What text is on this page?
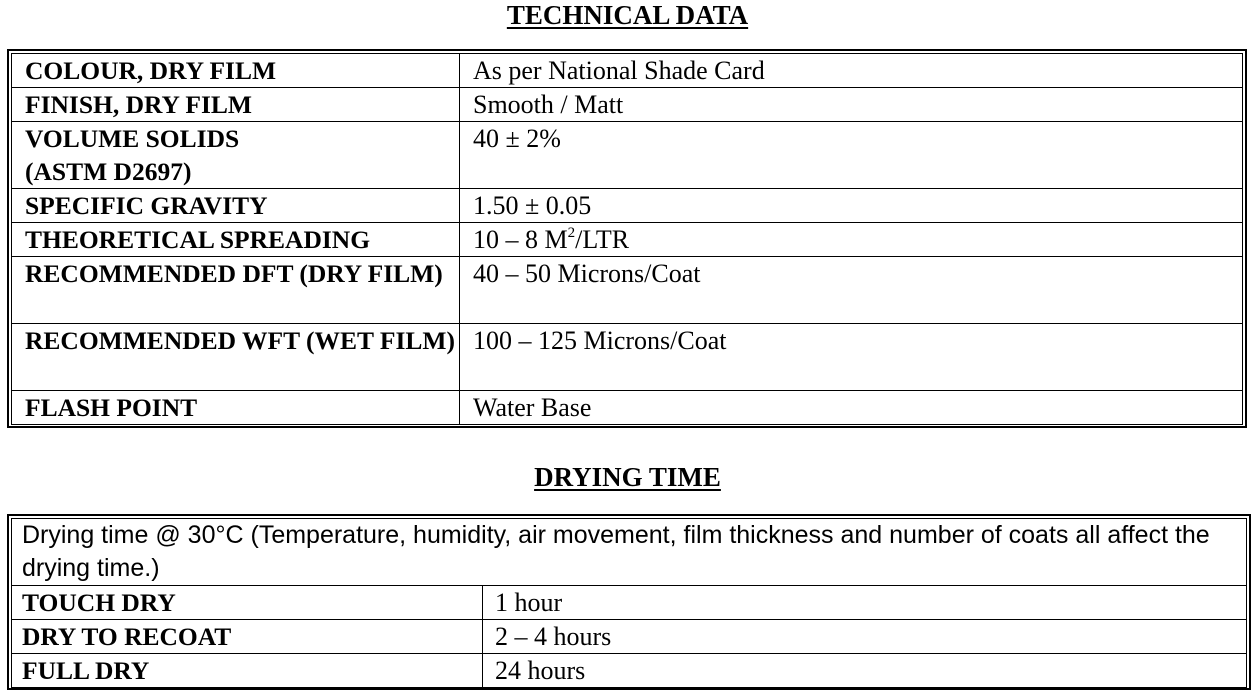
TECHNICAL DATA
COLOUR, DRY FILM	As per National Shade Card
FINISH, DRY FILM	Smooth / Matt
VOLUME SOLIDS (ASTM D2697)	40 ± 2%
SPECIFIC GRAVITY	1.50 ± 0.05
THEORETICAL SPREADING	10 – 8 $M^2$/LTR
RECOMMENDED DFT (DRY FILM)	40 – 50 Microns/Coat
RECOMMENDED WFT (WET FILM)	100 – 125 Microns/Coat
FLASH POINT	Water Base
DRYING TIME
Drying time @ 30°C (Temperature, humidity, air movement, film thickness and number of coats all affect the drying time.)	
TOUCH DRY	1 hour
DRY TO RECOAT	2 – 4 hours
FULL DRY	24 hours
